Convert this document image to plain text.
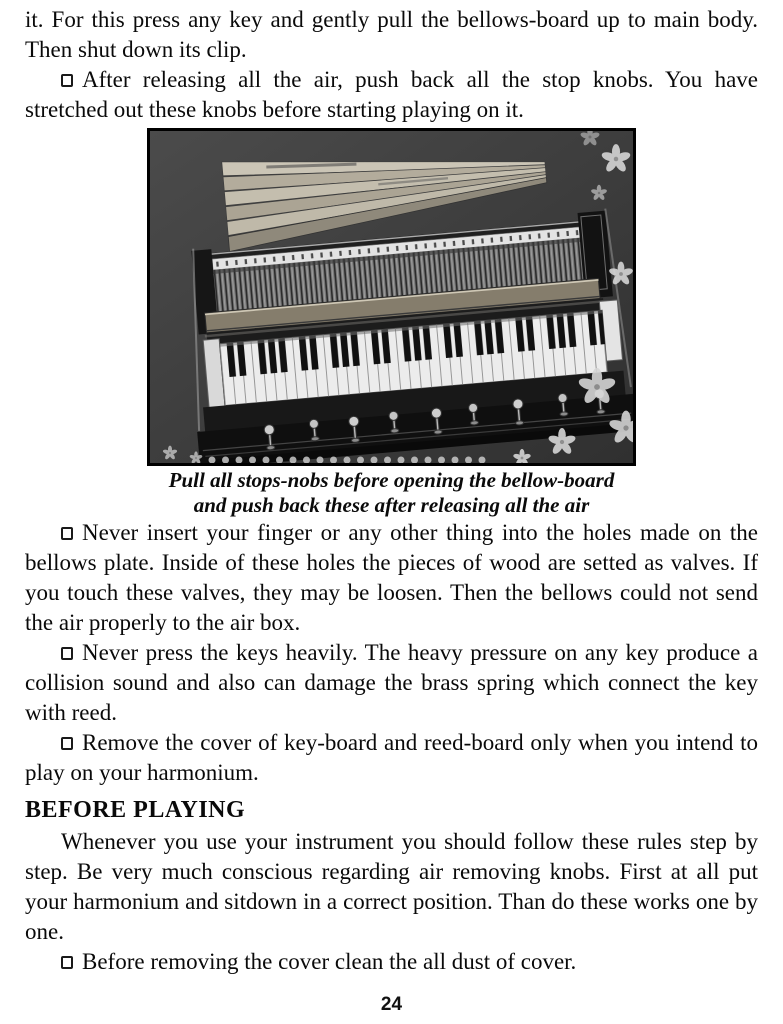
it. For this press any key and gently pull the bellows-board up to main body. Then shut down its clip.

After releasing all the air, push back all the stop knobs. You have stretched out these knobs before starting playing on it.

Pull all stops-nobs before opening the bellow-board
and push back these after releasing all the air

Never insert your finger or any other thing into the holes made on the bellows plate. Inside of these holes the pieces of wood are setted as valves. If you touch these valves, they may be loosen. Then the bellows could not send the air properly to the air box.

Never press the keys heavily. The heavy pressure on any key produce a collision sound and also can damage the brass spring which connect the key with reed.

Remove the cover of key-board and reed-board only when you intend to play on your harmonium.

BEFORE PLAYING

Whenever you use your instrument you should follow these rules step by step. Be very much conscious regarding air removing knobs. First at all put your harmonium and sitdown in a correct position. Than do these works one by one.

Before removing the cover clean the all dust of cover.

24
